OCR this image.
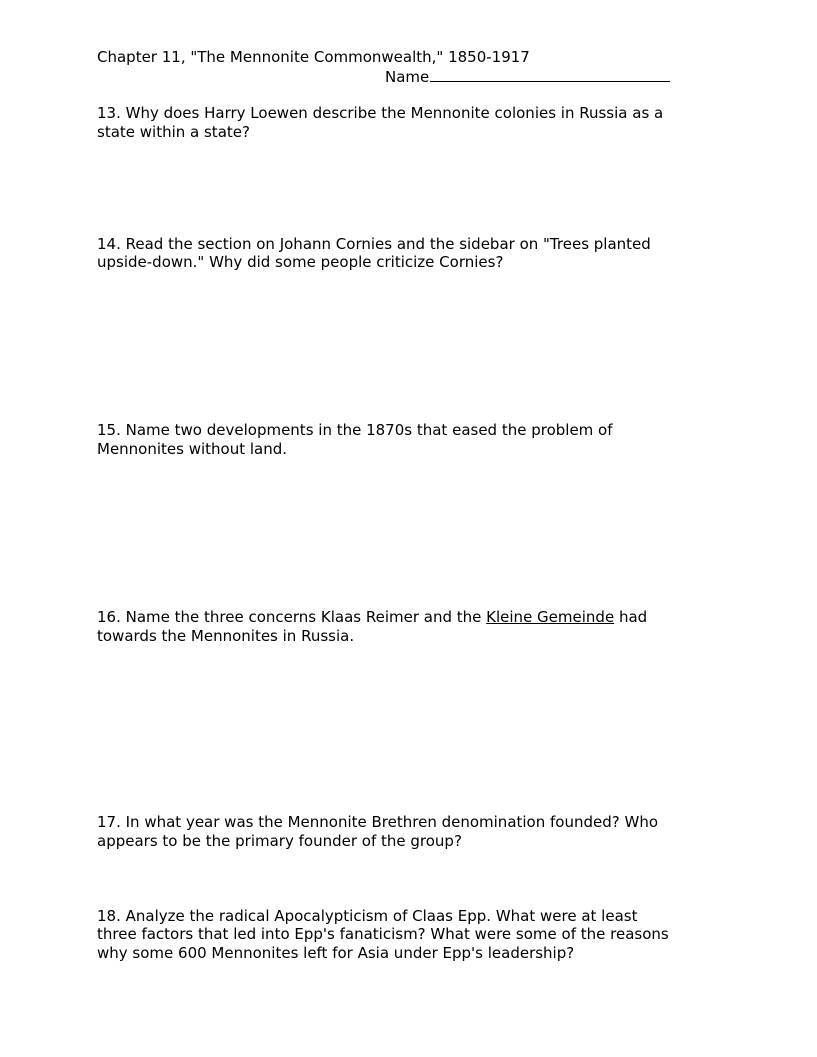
Chapter 11, "The Mennonite Commonwealth," 1850-1917
Name
13. Why does Harry Loewen describe the Mennonite colonies in Russia as a
state within a state?
14. Read the section on Johann Cornies and the sidebar on "Trees planted
upside-down." Why did some people criticize Cornies?
15. Name two developments in the 1870s that eased the problem of
Mennonites without land.
16. Name the three concerns Klaas Reimer and the Kleine Gemeinde had
towards the Mennonites in Russia.
17. In what year was the Mennonite Brethren denomination founded? Who
appears to be the primary founder of the group?
18. Analyze the radical Apocalypticism of Claas Epp. What were at least
three factors that led into Epp's fanaticism? What were some of the reasons
why some 600 Mennonites left for Asia under Epp's leadership?
